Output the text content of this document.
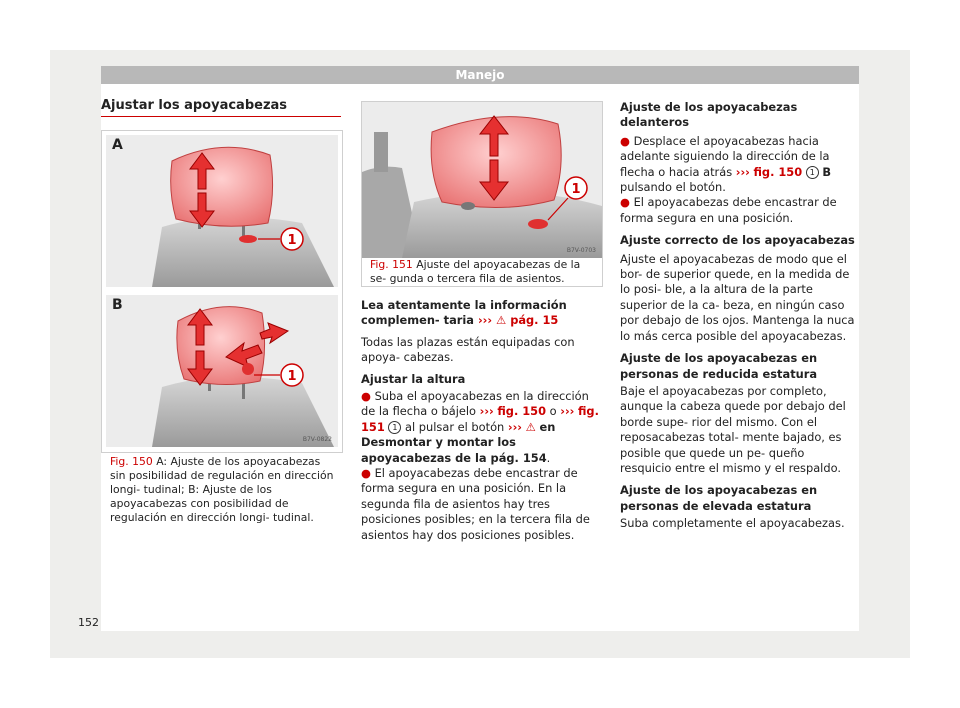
Manejo
Ajustar los apoyacabezas
1
A
1
B
B7V-0822
Fig. 150 A: Ajuste de los apoyacabezas sin posibilidad de regulación en dirección longi- tudinal; B: Ajuste de los apoyacabezas con posibilidad de regulación en dirección longi- tudinal.
1
B7V-0703
Fig. 151 Ajuste del apoyacabezas de la se- gunda o tercera fila de asientos.

Lea atentamente la información complemen- taria ››› ⚠ pág. 15

Todas las plazas están equipadas con apoya- cabezas.

Ajustar la altura

● Suba el apoyacabezas en la dirección de la flecha o bájelo ››› fig. 150 o ››› fig. 151 1 al pulsar el botón ››› ⚠ en Desmontar y montar los apoyacabezas de la pág. 154.

● El apoyacabezas debe encastrar de forma segura en una posición. En la segunda fila de asientos hay tres posiciones posibles; en la tercera fila de asientos hay dos posiciones posibles.

Ajuste de los apoyacabezas delanteros

● Desplace el apoyacabezas hacia adelante siguiendo la dirección de la flecha o hacia atrás ››› fig. 150 1 B pulsando el botón.

● El apoyacabezas debe encastrar de forma segura en una posición.

Ajuste correcto de los apoyacabezas

Ajuste el apoyacabezas de modo que el bor- de superior quede, en la medida de lo posi- ble, a la altura de la parte superior de la ca- beza, en ningún caso por debajo de los ojos. Mantenga la nuca lo más cerca posible del apoyacabezas.

Ajuste de los apoyacabezas en personas de reducida estatura

Baje el apoyacabezas por completo, aunque la cabeza quede por debajo del borde supe- rior del mismo. Con el reposacabezas total- mente bajado, es posible que quede un pe- queño resquicio entre el mismo y el respaldo.

Ajuste de los apoyacabezas en personas de elevada estatura

Suba completamente el apoyacabezas.

152
